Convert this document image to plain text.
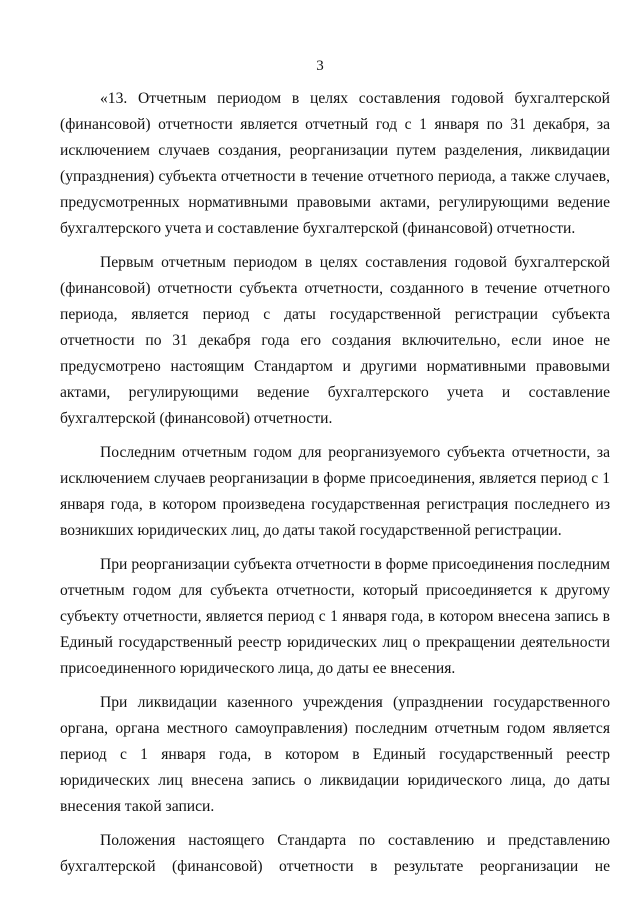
3

«13. Отчетным периодом в целях составления годовой бухгалтерской (финансовой) отчетности является отчетный год с 1 января по 31 декабря, за исключением случаев создания, реорганизации путем разделения, ликвидации (упразднения) субъекта отчетности в течение отчетного периода, а также случаев, предусмотренных нормативными правовыми актами, регулирующими ведение бухгалтерского учета и составление бухгалтерской (финансовой) отчетности.

Первым отчетным периодом в целях составления годовой бухгалтерской (финансовой) отчетности субъекта отчетности, созданного в течение отчетного периода, является период с даты государственной регистрации субъекта отчетности по 31 декабря года его создания включительно, если иное не предусмотрено настоящим Стандартом и другими нормативными правовыми актами, регулирующими ведение бухгалтерского учета и составление бухгалтерской (финансовой) отчетности.

Последним отчетным годом для реорганизуемого субъекта отчетности, за исключением случаев реорганизации в форме присоединения, является период с 1 января года, в котором произведена государственная регистрация последнего из возникших юридических лиц, до даты такой государственной регистрации.

При реорганизации субъекта отчетности в форме присоединения последним отчетным годом для субъекта отчетности, который присоединяется к другому субъекту отчетности, является период с 1 января года, в котором внесена запись в Единый государственный реестр юридических лиц о прекращении деятельности присоединенного юридического лица, до даты ее внесения.

При ликвидации казенного учреждения (упразднении государственного органа, органа местного самоуправления) последним отчетным годом является период с 1 января года, в котором в Единый государственный реестр юридических лиц внесена запись о ликвидации юридического лица, до даты внесения такой записи.

Положения настоящего Стандарта по составлению и представлению бухгалтерской (финансовой) отчетности в результате реорганизации не
